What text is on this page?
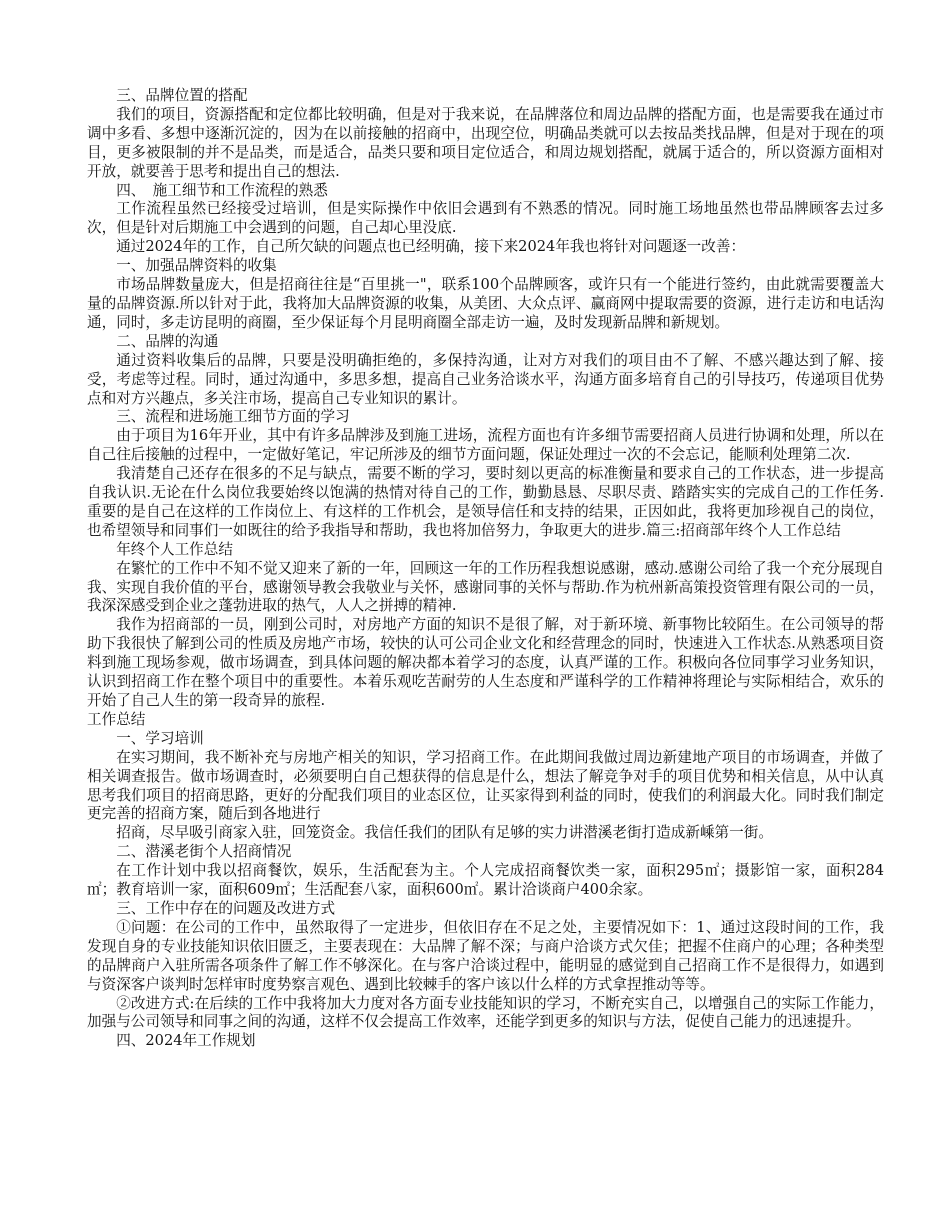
三、品牌位置的搭配

我们的项目，资源搭配和定位都比较明确，但是对于我来说，在品牌落位和周边品牌的搭配方面，也是需要我在通过市调中多看、多想中逐渐沉淀的，因为在以前接触的招商中，出现空位，明确品类就可以去按品类找品牌，但是对于现在的项目，更多被限制的并不是品类，而是适合，品类只要和项目定位适合，和周边规划搭配，就属于适合的，所以资源方面相对开放，就要善于思考和提出自己的想法.

四、　施工细节和工作流程的熟悉

工作流程虽然已经接受过培训，但是实际操作中依旧会遇到有不熟悉的情况。同时施工场地虽然也带品牌顾客去过多次，但是针对后期施工中会遇到的问题，自己却心里没底.

通过2024年的工作，自己所欠缺的问题点也已经明确，接下来2024年我也将针对问题逐一改善：

一、加强品牌资料的收集

市场品牌数量庞大，但是招商往往是“百里挑一"，联系100个品牌顾客，或许只有一个能进行签约，由此就需要覆盖大量的品牌资源.所以针对于此，我将加大品牌资源的收集，从美团、大众点评、赢商网中提取需要的资源，进行走访和电话沟通，同时，多走访昆明的商圈，至少保证每个月昆明商圈全部走访一遍，及时发现新品牌和新规划。

二、品牌的沟通

通过资料收集后的品牌，只要是没明确拒绝的，多保持沟通，让对方对我们的项目由不了解、不感兴趣达到了解、接受，考虑等过程。同时，通过沟通中，多思多想，提高自己业务洽谈水平，沟通方面多培育自己的引导技巧，传递项目优势点和对方兴趣点，多关注市场，提高自己专业知识的累计。

三、流程和进场施工细节方面的学习

由于项目为16年开业，其中有许多品牌涉及到施工进场，流程方面也有许多细节需要招商人员进行协调和处理，所以在自己往后接触的过程中，一定做好笔记，牢记所涉及的细节方面问题，保证处理过一次的不会忘记，能顺利处理第二次.

我清楚自己还存在很多的不足与缺点，需要不断的学习，要时刻以更高的标准衡量和要求自己的工作状态，进一步提高自我认识.无论在什么岗位我要始终以饱满的热情对待自己的工作，勤勤恳恳、尽职尽责、踏踏实实的完成自己的工作任务.重要的是自己在这样的工作岗位上、有这样的工作机会，是领导信任和支持的结果，正因如此，我将更加珍视自己的岗位，也希望领导和同事们一如既往的给予我指导和帮助，我也将加倍努力，争取更大的进步.篇三:招商部年终个人工作总结

年终个人工作总结

在繁忙的工作中不知不觉又迎来了新的一年，回顾这一年的工作历程我想说感谢，感动.感谢公司给了我一个充分展现自我、实现自我价值的平台，感谢领导教会我敬业与关怀，感谢同事的关怀与帮助.作为杭州新高策投资管理有限公司的一员，我深深感受到企业之蓬勃进取的热气，人人之拼搏的精神.

我作为招商部的一员，刚到公司时，对房地产方面的知识不是很了解，对于新环境、新事物比较陌生。在公司领导的帮助下我很快了解到公司的性质及房地产市场，较快的认可公司企业文化和经营理念的同时，快速进入工作状态.从熟悉项目资料到施工现场参观，做市场调查，到具体问题的解决都本着学习的态度，认真严谨的工作。积极向各位同事学习业务知识，认识到招商工作在整个项目中的重要性。本着乐观吃苦耐劳的人生态度和严谨科学的工作精神将理论与实际相结合，欢乐的开始了自己人生的第一段奇异的旅程.

工作总结

一、学习培训

在实习期间，我不断补充与房地产相关的知识，学习招商工作。在此期间我做过周边新建地产项目的市场调查，并做了相关调查报告。做市场调查时，必须要明白自己想获得的信息是什么，想法了解竞争对手的项目优势和相关信息，从中认真思考我们项目的招商思路，更好的分配我们项目的业态区位，让买家得到利益的同时，使我们的利润最大化。同时我们制定更完善的招商方案，随后到各地进行

招商，尽早吸引商家入驻，回笼资金。我信任我们的团队有足够的实力讲潜溪老街打造成新嵊第一街。

二、潜溪老街个人招商情况

在工作计划中我以招商餐饮，娱乐，生活配套为主。个人完成招商餐饮类一家，面积295㎡；摄影馆一家，面积284㎡；教育培训一家，面积609㎡；生活配套八家，面积600㎡。累计洽谈商户400余家。

三、工作中存在的问题及改进方式

①问题：在公司的工作中，虽然取得了一定进步，但依旧存在不足之处，主要情况如下：1、通过这段时间的工作，我发现自身的专业技能知识依旧匮乏，主要表现在：大品牌了解不深；与商户洽谈方式欠佳；把握不住商户的心理；各种类型的品牌商户入驻所需各项条件了解工作不够深化。在与客户洽谈过程中，能明显的感觉到自己招商工作不是很得力，如遇到与资深客户谈判时怎样审时度势察言观色、遇到比较棘手的客户该以什么样的方式拿捏推动等等。

②改进方式:在后续的工作中我将加大力度对各方面专业技能知识的学习，不断充实自己，以增强自己的实际工作能力，加强与公司领导和同事之间的沟通，这样不仅会提高工作效率，还能学到更多的知识与方法，促使自己能力的迅速提升。

四、2024年工作规划
